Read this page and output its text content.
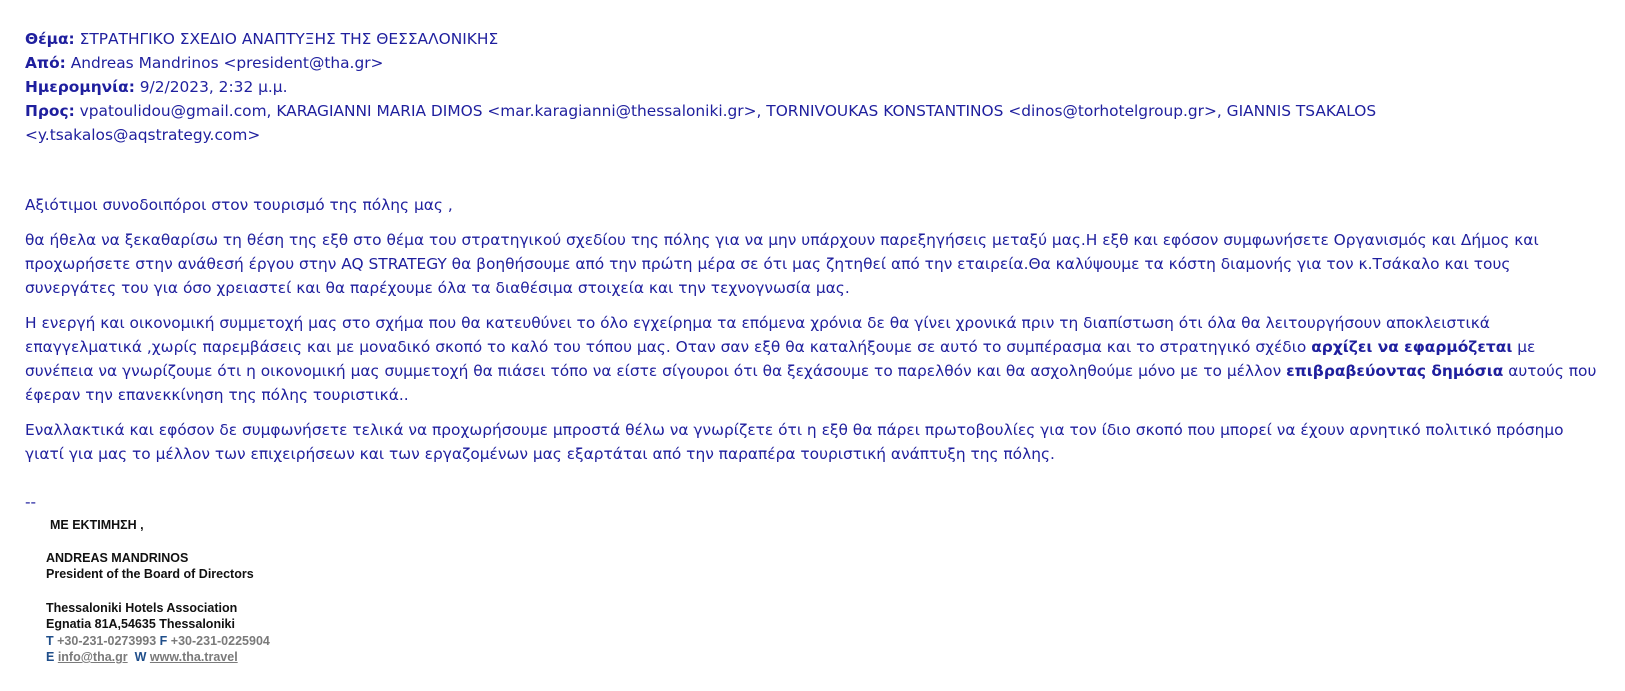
Θέμα: ΣΤΡΑΤΗΓΙΚΟ ΣΧΕΔΙΟ ΑΝΑΠΤΥΞΗΣ ΤΗΣ ΘΕΣΣΑΛΟΝΙΚΗΣ
Από: Andreas Mandrinos <president@tha.gr>
Ημερομηνία: 9/2/2023, 2:32 μ.μ.
Προς: vpatoulidou@gmail.com, KARAGIANNI MARIA DIMOS <mar.karagianni@thessaloniki.gr>, TORNIVOUKAS KONSTANTINOS <dinos@torhotelgroup.gr>, GIANNIS TSAKALOS <y.tsakalos@aqstrategy.com>

Αξιότιμοι συνοδοιπόροι στον τουρισμό της πόλης μας ,

θα ήθελα να ξεκαθαρίσω τη θέση της εξθ στο θέμα του στρατηγικού σχεδίου της πόλης για να μην υπάρχουν παρεξηγήσεις μεταξύ μας.Η εξθ και εφόσον συμφωνήσετε Οργανισμός και Δήμος και προχωρήσετε στην ανάθεσή έργου στην AQ STRATEGY θα βοηθήσουμε από την πρώτη μέρα σε ότι μας ζητηθεί από την εταιρεία.Θα καλύψουμε τα κόστη διαμονής για τον κ.Τσάκαλο και τους συνεργάτες του για όσο χρειαστεί και θα παρέχουμε όλα τα διαθέσιμα στοιχεία και την τεχνογνωσία μας.

Η ενεργή και οικονομική συμμετοχή μας στο σχήμα που θα κατευθύνει το όλο εγχείρημα τα επόμενα χρόνια δε θα γίνει χρονικά πριν τη διαπίστωση ότι όλα θα λειτουργήσουν αποκλειστικά επαγγελματικά ,χωρίς παρεμβάσεις και με μοναδικό σκοπό το καλό του τόπου μας. Οταν σαν εξθ θα καταλήξουμε σε αυτό το συμπέρασμα και το στρατηγικό σχέδιο αρχίζει να εφαρμόζεται με συνέπεια να γνωρίζουμε ότι η οικονομική μας συμμετοχή θα πιάσει τόπο να είστε σίγουροι ότι θα ξεχάσουμε το παρελθόν και θα ασχοληθούμε μόνο με το μέλλον επιβραβεύοντας δημόσια αυτούς που έφεραν την επανεκκίνηση της πόλης τουριστικά..

Εναλλακτικά και εφόσον δε συμφωνήσετε τελικά να προχωρήσουμε μπροστά θέλω να γνωρίζετε ότι η εξθ θα πάρει πρωτοβουλίες για τον ίδιο σκοπό που μπορεί να έχουν αρνητικό πολιτικό πρόσημο γιατί για μας το μέλλον των επιχειρήσεων και των εργαζομένων μας εξαρτάται από την παραπέρα τουριστική ανάπτυξη της πόλης.

--
ΜΕ ΕΚΤΙΜΗΣΗ ,
ANDREAS MANDRINOS
President of the Board of Directors
Thessaloniki Hotels Association
Egnatia 81A,54635 Thessaloniki
T +30-231-0273993 F +30-231-0225904
E info@tha.gr W www.tha.travel
